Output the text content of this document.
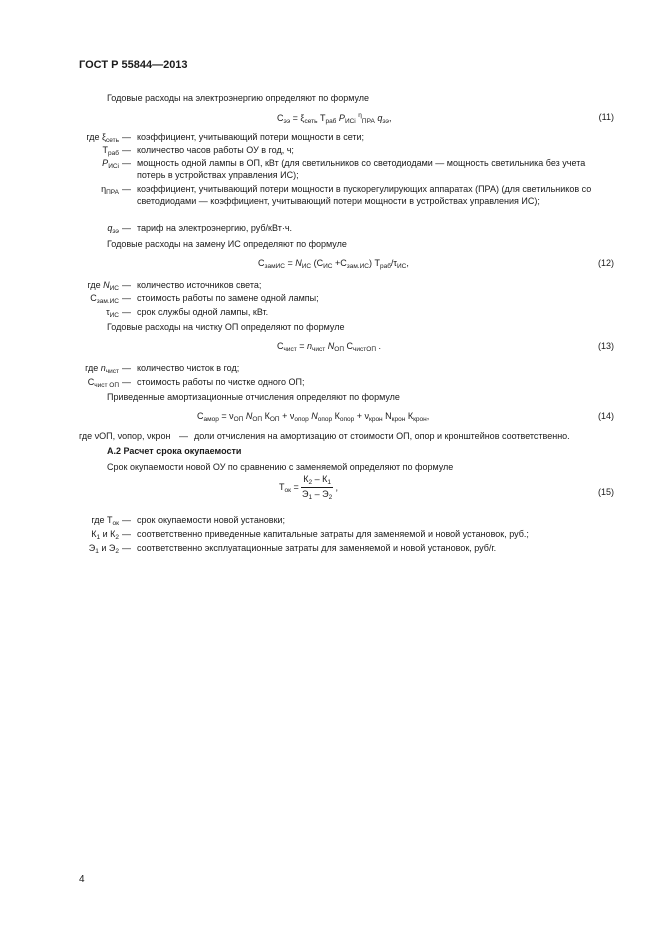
ГОСТ Р 55844—2013
Годовые расходы на электроэнергию определяют по формуле
$С_{ээ} = \xi_{сеть}$ $Т_{раб}$ $P_{ИСi}$ $^\eta_{ПРА}$ $q_{ээ}$,	(11)
где $\xi_{сеть}$ — коэффициент, учитывающий потери мощности в сети;
$Т_{раб}$ — количество часов работы ОУ в год, ч;
$P_{ИСi}$ — мощность одной лампы в ОП, кВт (для светильников со светодиодами — мощность светильника без учета потерь в устройствах управления ИС);
$\eta_{ПРА}$ — коэффициент, учитывающий потери мощности в пускорегулирующих аппаратах (ПРА) (для светильников со светодиодами — коэффициент, учитывающий потери мощности в устройствах управления ИС);
$q_{ээ}$ — тариф на электроэнергию, руб/кВт·ч.
Годовые расходы на замену ИС определяют по формуле
$С_{замИС} = N_{ИС}$ $(С_{ИС} +С_{зам.ИС})$ $Т_{раб}/\tau_{ИС}$,	(12)
где $N_{ИС}$ — количество источников света;
$С_{зам.ИС}$ — стоимость работы по замене одной лампы;
$\tau_{ИС}$ — срок службы одной лампы, кВт.
Годовые расходы на чистку ОП определяют по формуле
$С_{чист} = n_{чист}$ $N_{ОП}$ $С_{чистОП}$ .	(13)
где $n_{чист}$ — количество чисток в год;
$С_{чист ОП}$ — стоимость работы по чистке одного ОП;
Приведенные амортизационные отчисления определяют по формуле
$С_{амор} = \nu_{ОП}$ $N_{ОП}$ $К_{ОП} + \nu_{опор}$ $N_{опор}$ $К_{опор} + \nu_{крон}$ $N_{крон}$ $К_{крон}$,	(14)
где νОП, νопор, νкрон — доли отчисления на амортизацию от стоимости ОП, опор и кронштейнов соответственно.
А.2 Расчет срока окупаемости
Срок окупаемости новой ОУ по сравнению с заменяемой определяют по формуле
$Т_{ок} = \frac{К_2 - К_1}{Э_1 - Э_2}$ ,	(15)
где $Т_{ок}$ — срок окупаемости новой установки;
$К_1$ и $К_2$ — соответственно приведенные капитальные затраты для заменяемой и новой установок, руб.;
$Э_1$ и $Э_2$ — соответственно эксплуатационные затраты для заменяемой и новой установок, руб/г.
4
